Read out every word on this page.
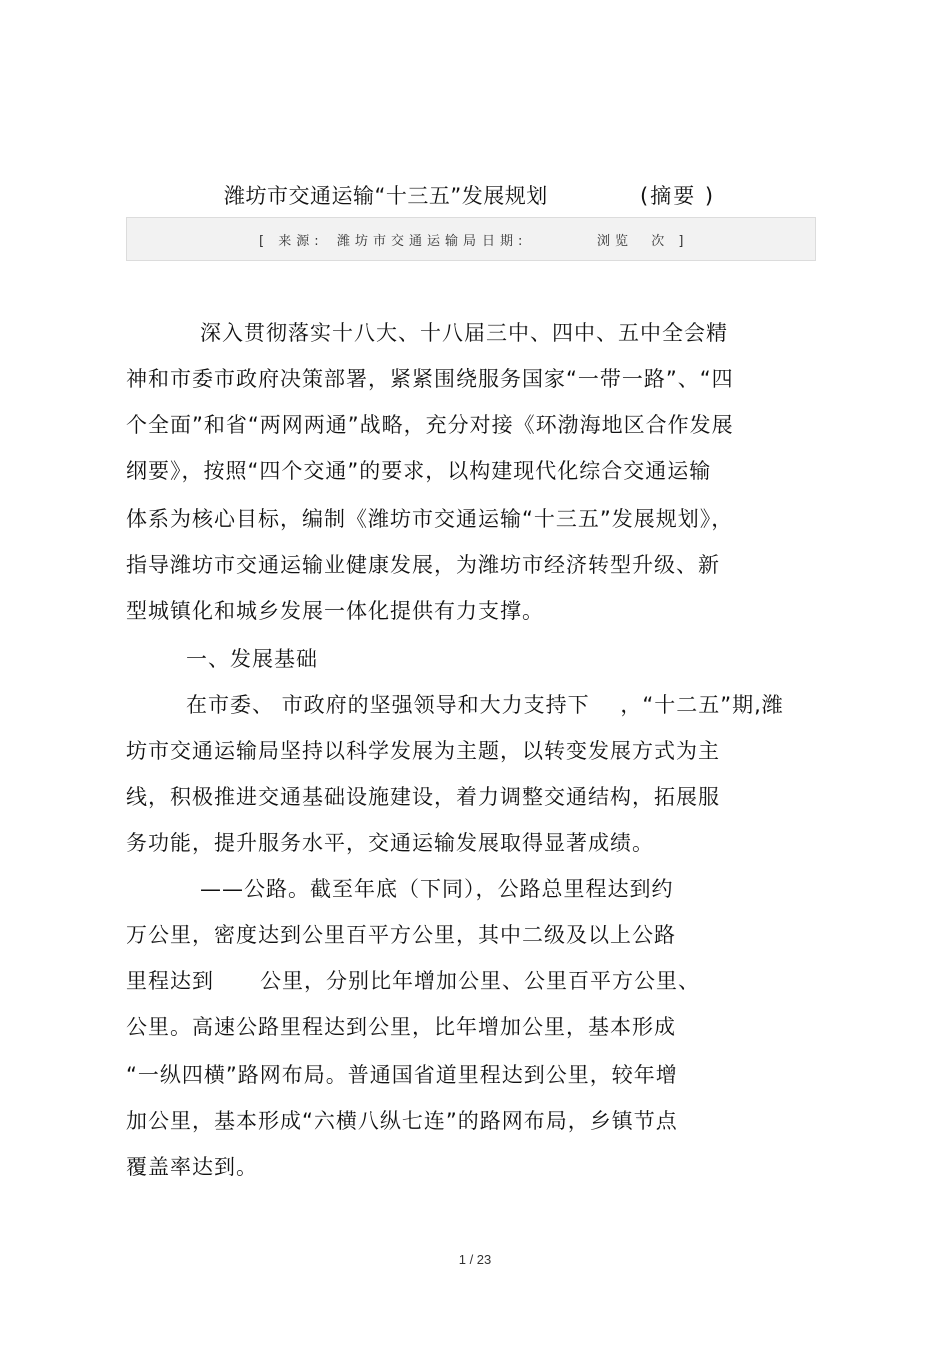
潍坊市交通运输“十三五”发展规划	(摘要 )
[ 来源: 潍坊市交通运输局 日期:	浏览  次 ]
深入贯彻落实十八大、十八届三中、四中、五中全会精
神和市委市政府决策部署，紧紧围绕服务国家“一带一路”、“四
个全面”和省“两网两通”战略，充分对接《环渤海地区合作发展
纲要》，按照“四个交通”的要求，以构建现代化综合交通运输
体系为核心目标，编制《潍坊市交通运输“十三五”发展规划》，
指导潍坊市交通运输业健康发展，为潍坊市经济转型升级、新
型城镇化和城乡发展一体化提供有力支撑。
一、发展基础
在市委、 市政府的坚强领导和大力支持下    ，“十二五”期,潍
坊市交通运输局坚持以科学发展为主题，以转变发展方式为主
线，积极推进交通基础设施建设，着力调整交通结构，拓展服
务功能，提升服务水平，交通运输发展取得显著成绩。
——公路。截至年底（下同），公路总里程达到约
万公里，密度达到公里百平方公里，其中二级及以上公路
里程达到      公里，分别比年增加公里、公里百平方公里、
公里。高速公路里程达到公里，比年增加公里，基本形成
“一纵四横”路网布局。普通国省道里程达到公里，较年增
加公里，基本形成“六横八纵七连”的路网布局，乡镇节点
覆盖率达到。
1 / 23
